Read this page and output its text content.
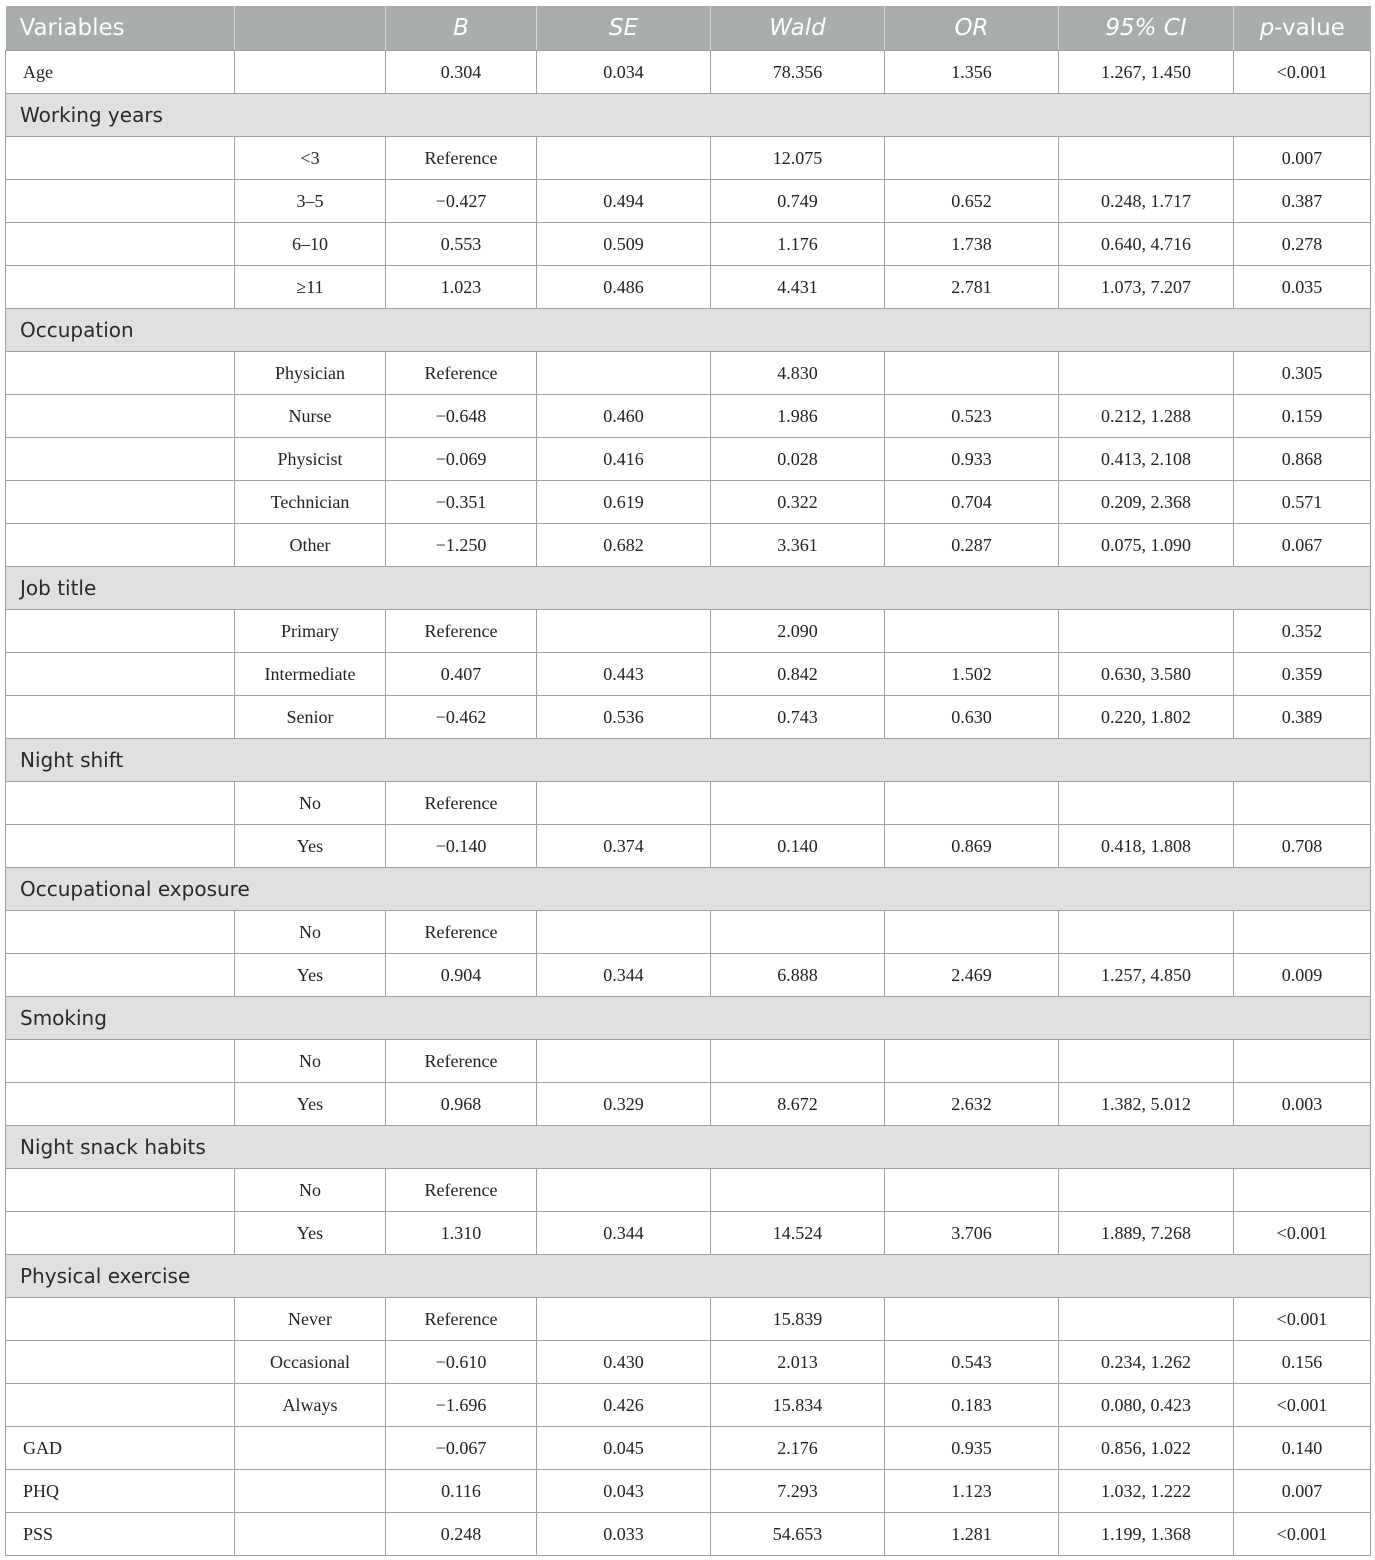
Variables		B	SE	Wald	OR	95% CI	p-value
Age		0.304	0.034	78.356	1.356	1.267, 1.450	<0.001
Working years							
	<3	Reference		12.075			0.007
	3–5	−0.427	0.494	0.749	0.652	0.248, 1.717	0.387
	6–10	0.553	0.509	1.176	1.738	0.640, 4.716	0.278
	≥11	1.023	0.486	4.431	2.781	1.073, 7.207	0.035
Occupation							
	Physician	Reference		4.830			0.305
	Nurse	−0.648	0.460	1.986	0.523	0.212, 1.288	0.159
	Physicist	−0.069	0.416	0.028	0.933	0.413, 2.108	0.868
	Technician	−0.351	0.619	0.322	0.704	0.209, 2.368	0.571
	Other	−1.250	0.682	3.361	0.287	0.075, 1.090	0.067
Job title							
	Primary	Reference		2.090			0.352
	Intermediate	0.407	0.443	0.842	1.502	0.630, 3.580	0.359
	Senior	−0.462	0.536	0.743	0.630	0.220, 1.802	0.389
Night shift							
	No	Reference					
	Yes	−0.140	0.374	0.140	0.869	0.418, 1.808	0.708
Occupational exposure							
	No	Reference					
	Yes	0.904	0.344	6.888	2.469	1.257, 4.850	0.009
Smoking							
	No	Reference					
	Yes	0.968	0.329	8.672	2.632	1.382, 5.012	0.003
Night snack habits							
	No	Reference					
	Yes	1.310	0.344	14.524	3.706	1.889, 7.268	<0.001
Physical exercise							
	Never	Reference		15.839			<0.001
	Occasional	−0.610	0.430	2.013	0.543	0.234, 1.262	0.156
	Always	−1.696	0.426	15.834	0.183	0.080, 0.423	<0.001
GAD		−0.067	0.045	2.176	0.935	0.856, 1.022	0.140
PHQ		0.116	0.043	7.293	1.123	1.032, 1.222	0.007
PSS		0.248	0.033	54.653	1.281	1.199, 1.368	<0.001
